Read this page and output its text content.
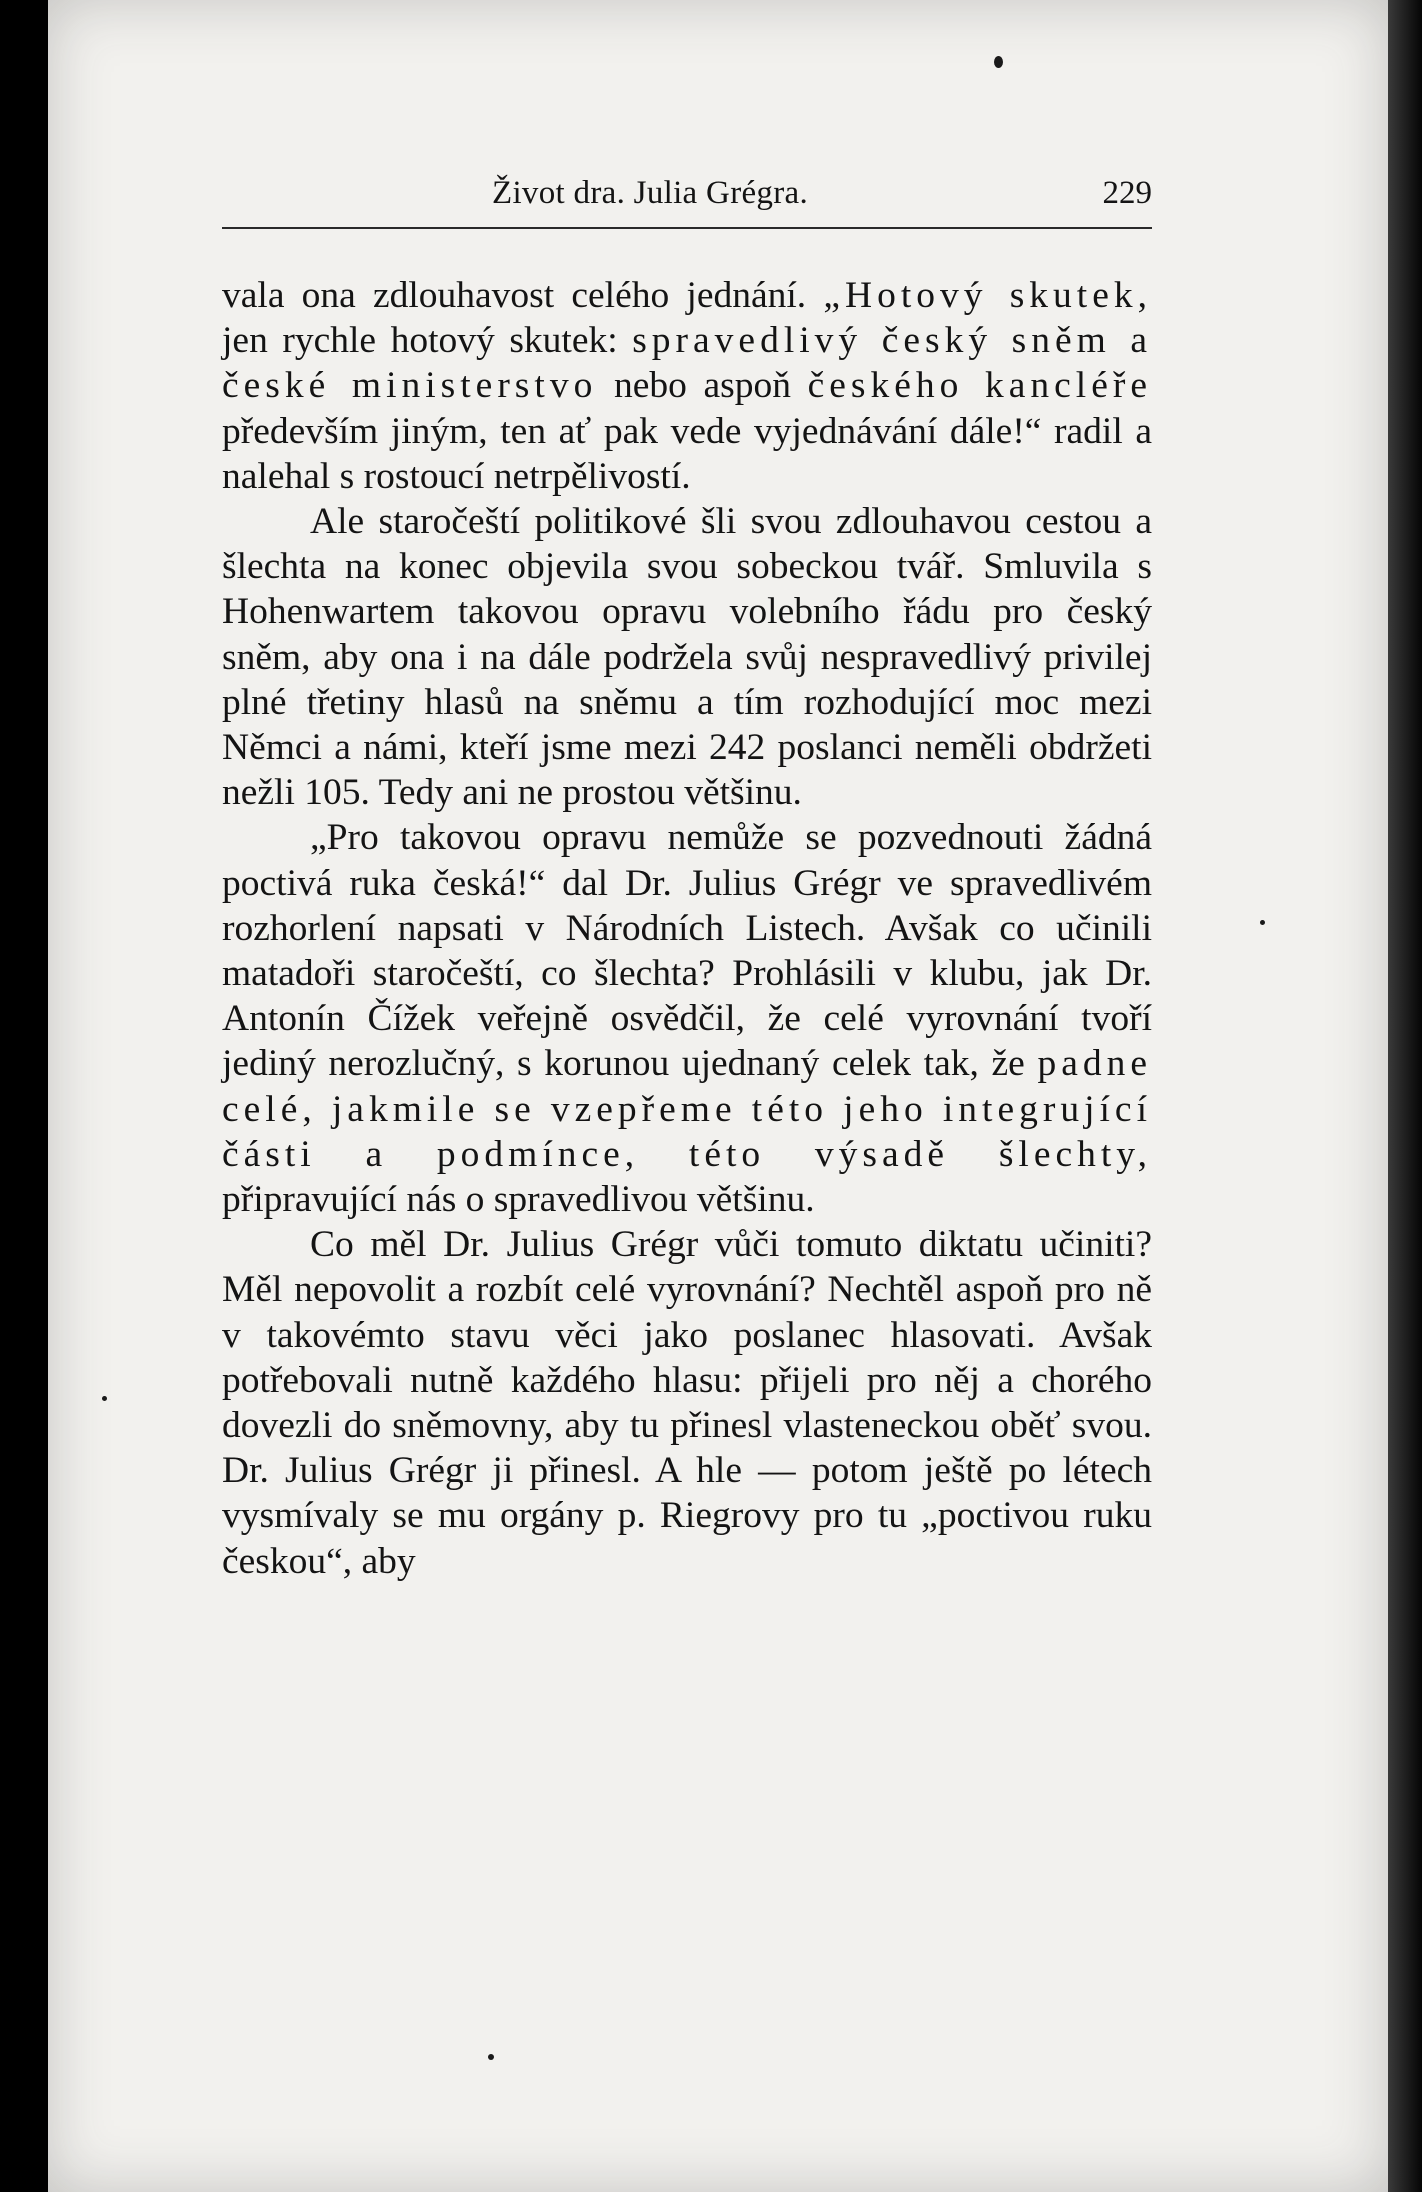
Život dra. Julia Grégra.	229

vala ona zdlouhavost celého jednání. „Hotový skutek, jen rychle hotový skutek: spravedlivý český sněm a české ministerstvo nebo aspoň českého kancléře především jiným, ten ať pak vede vyjednávání dále!“ radil a nalehal s rostoucí netrpělivostí.

Ale staročeští politikové šli svou zdlouhavou cestou a šlechta na konec objevila svou sobeckou tvář. Smluvila s Hohenwartem takovou opravu volebního řádu pro český sněm, aby ona i na dále podržela svůj nespravedlivý privilej plné třetiny hlasů na sněmu a tím rozhodující moc mezi Němci a námi, kteří jsme mezi 242 poslanci neměli obdržeti nežli 105. Tedy ani ne prostou většinu.

„Pro takovou opravu nemůže se pozvednouti žádná poctivá ruka česká!“ dal Dr. Julius Grégr ve spravedlivém rozhorlení napsati v Národních Listech. Avšak co učinili matadoři staročeští, co šlechta? Prohlásili v klubu, jak Dr. Antonín Čížek veřejně osvědčil, že celé vyrovnání tvoří jediný nerozlučný, s korunou ujednaný celek tak, že padne celé, jakmile se vzepřeme této jeho integrující části a podmínce, této výsadě šlechty, připravující nás o spravedlivou většinu.

Co měl Dr. Julius Grégr vůči tomuto diktatu učiniti? Měl nepovolit a rozbít celé vyrovnání? Nechtěl aspoň pro ně v takovémto stavu věci jako poslanec hlasovati. Avšak potřebovali nutně každého hlasu: přijeli pro něj a chorého dovezli do sněmovny, aby tu přinesl vlasteneckou oběť svou. Dr. Julius Grégr ji přinesl. A hle — potom ještě po létech vysmívaly se mu orgány p. Riegrovy pro tu „poctivou ruku českou“, aby
